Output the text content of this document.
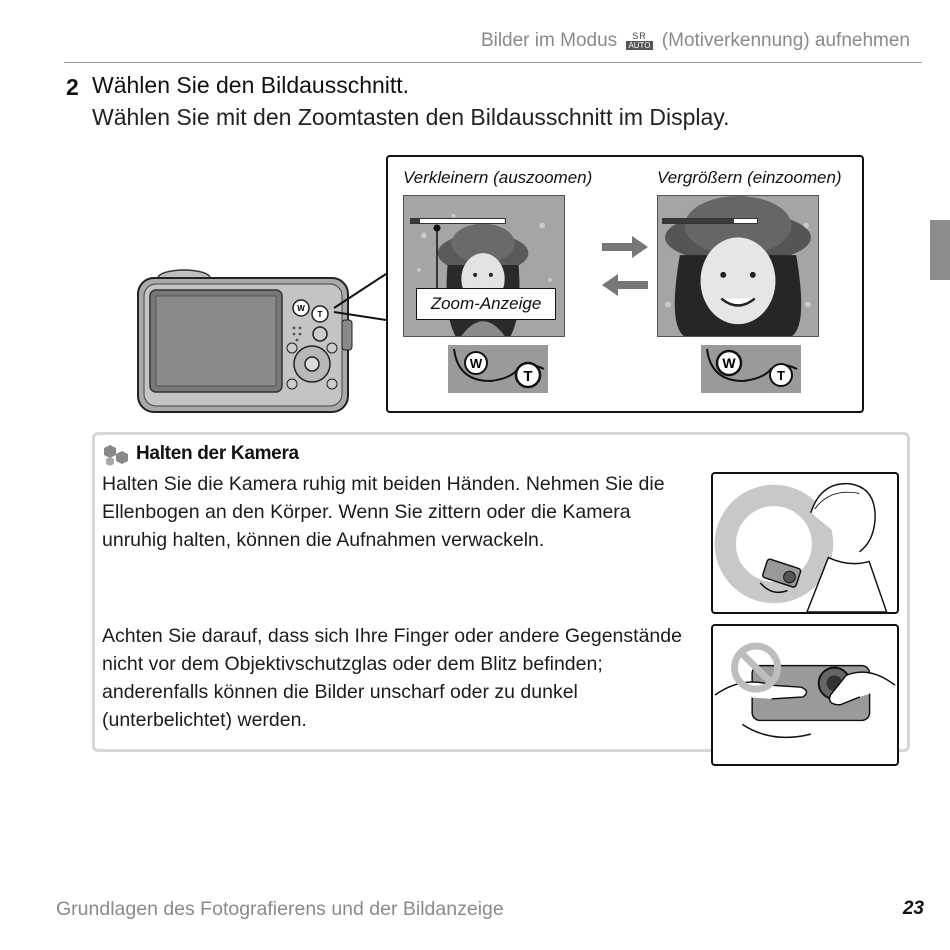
Bilder im Modus	SR
AUTO (Motiverkennung) aufnehmen
2 Wählen Sie den Bildausschnitt.
Wählen Sie mit den Zoomtasten den Bildausschnitt im Display.
W
T
Verkleinern (auszoomen)	Vergrößern (einzoomen)
Zoom-Anzeige
W
T
W
T
Halten der Kamera
Halten Sie die Kamera ruhig mit beiden Händen. Nehmen Sie die Ellenbogen an den Körper. Wenn Sie zittern oder die Kamera unruhig halten, können die Aufnahmen verwackeln.
Achten Sie darauf, dass sich Ihre Finger oder andere Gegenstände nicht vor dem Objektivschutzglas oder dem Blitz befinden; anderenfalls können die Bilder unscharf oder zu dunkel (unterbelichtet) werden.
Grundlagen des Fotografierens und der Bildanzeige	23
